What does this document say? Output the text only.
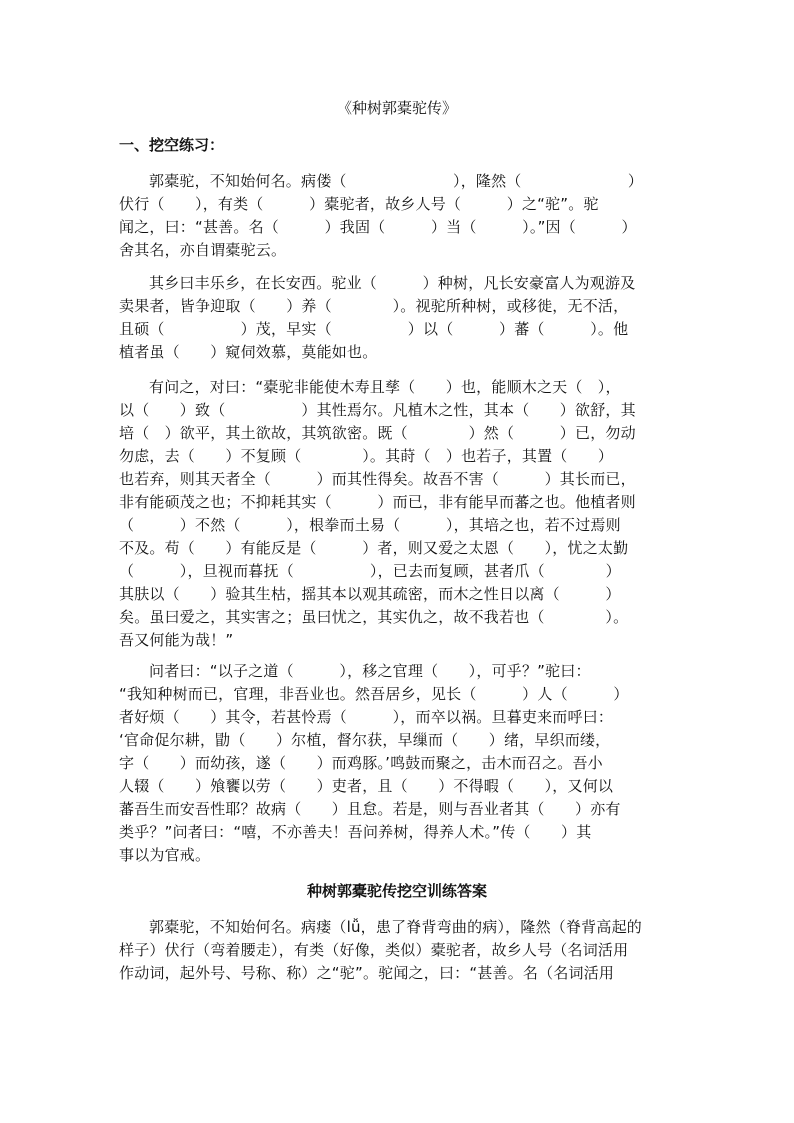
《种树郭橐驼传》
一、挖空练习：
郭橐驼，不知始何名。病偻（　　　　　　　），隆然（　　　　　　　）
伏行（　　），有类（　　　）橐驼者，故乡人号（　　　）之“驼”。驼
闻之，曰：“甚善。名（　　　）我固（　　　）当（　　　）。”因（　　　）
舍其名，亦自谓橐驼云。
其乡曰丰乐乡，在长安西。驼业（　　　）种树，凡长安豪富人为观游及
卖果者，皆争迎取（　　）养（　　　　）。视驼所种树，或移徙，无不活，
且硕（　　　　　）茂，早实（　　　　　）以（　　　）蕃（　　　）。他
植者虽（　　）窥伺效慕，莫能如也。
有问之，对曰：“橐驼非能使木寿且孳（　　）也，能顺木之天（　），
以（　　）致（　　　　　）其性焉尔。凡植木之性，其本（　　）欲舒，其
培（　）欲平，其土欲故，其筑欲密。既（　　　　）然（　　　）已，勿动
勿虑，去（　　）不复顾（　　　　）。其莳（　）也若子，其置（　　）
也若弃，则其天者全（　　　）而其性得矣。故吾不害（　　　）其长而已，
非有能硕茂之也；不抑耗其实（　　　）而已，非有能早而蕃之也。他植者则
（　　　）不然（　　　），根拳而土易（　　　），其培之也，若不过焉则
不及。苟（　　）有能反是（　　　）者，则又爱之太恩（　　），忧之太勤
（　　　），旦视而暮抚（　　　　　），已去而复顾，甚者爪（　　　　）
其肤以（　　）验其生枯，摇其本以观其疏密，而木之性日以离（　　　）
矣。虽曰爱之，其实害之；虽曰忧之，其实仇之，故不我若也（　　　　）。
吾又何能为哉！”
问者曰：“以子之道（　　　），移之官理（　　），可乎？”驼曰：
“我知种树而已，官理，非吾业也。然吾居乡，见长（　　　）人（　　　）
者好烦（　　）其令，若甚怜焉（　　　），而卒以祸。旦暮吏来而呼曰：
‘官命促尔耕，勖（　　）尔植，督尔获，早缫而（　　）绪，早织而缕，
字（　　）而幼孩，遂（　　）而鸡豚。’鸣鼓而聚之，击木而召之。吾小
人辍（　　）飧饔以劳（　　）吏者，且（　　）不得暇（　　），又何以
蕃吾生而安吾性耶？故病（　　）且怠。若是，则与吾业者其（　　）亦有
类乎？”问者曰：“嘻，不亦善夫！吾问养树，得养人术。”传（　　）其
事以为官戒。
种树郭橐驼传挖空训练答案
郭橐驼，不知始何名。病瘘（lǚ，患了脊背弯曲的病），隆然（脊背高起的
样子）伏行（弯着腰走），有类（好像，类似）橐驼者，故乡人号（名词活用
作动词，起外号、号称、称）之“驼”。驼闻之，曰：“甚善。名（名词活用
